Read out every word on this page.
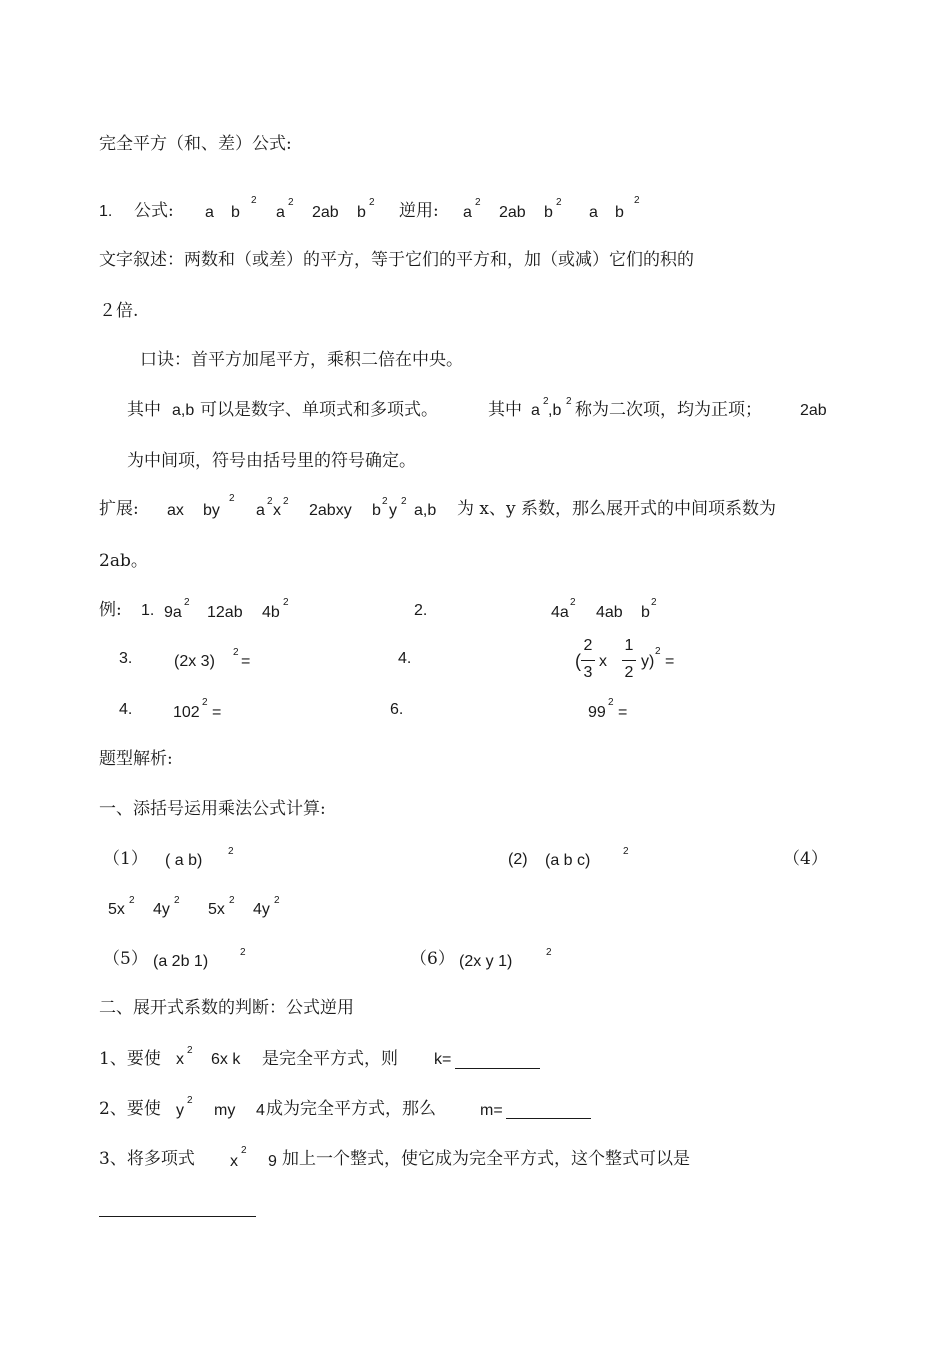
完全平方（和、差）公式:
1. 公式: a b
2
a
2
2ab b
2 逆用: a
2
2ab b
2
a b
2
文字叙述：两数和（或差）的平方，等于它们的平方和，加（或减）它们的积的
２倍.
口诀：首平方加尾平方，乘积二倍在中央。
其中 a,b 可以是数字、单项式和多项式。	其中 a
2
,b
2 称为二次项，均为正项； 2ab
为中间项，符号由括号里的符号确定。
扩展: ax by
2
a
2
x
2
2abxy b
2
y
2
a,b 为 x、y 系数，那么展开式的中间项系数为
2ab。
例: 1. 9a
2
12ab 4b
2	2.	4a
2
4ab b
2
3.	(2x 3)
2
=	4.	(
2
3
x
1
2
y)
2
=
4.	102
2
=	6.	99
2
=
题型解析:
一、添括号运用乘法公式计算:
（1） ( a b)
2	(2) (a b c)
2	（4）
5x
2
4y
2
5x
2
4y
2
（5） (a 2b 1)
2	（6） (2x y 1)
2
二、展开式系数的判断：公式逆用
1、要使 x
2
6x k 是完全平方式，则 k=
2、要使 y
2
my 4 成为完全平方式，那么	m=
3、将多项式 x
2
9 加上一个整式，使它成为完全平方式，这个整式可以是
